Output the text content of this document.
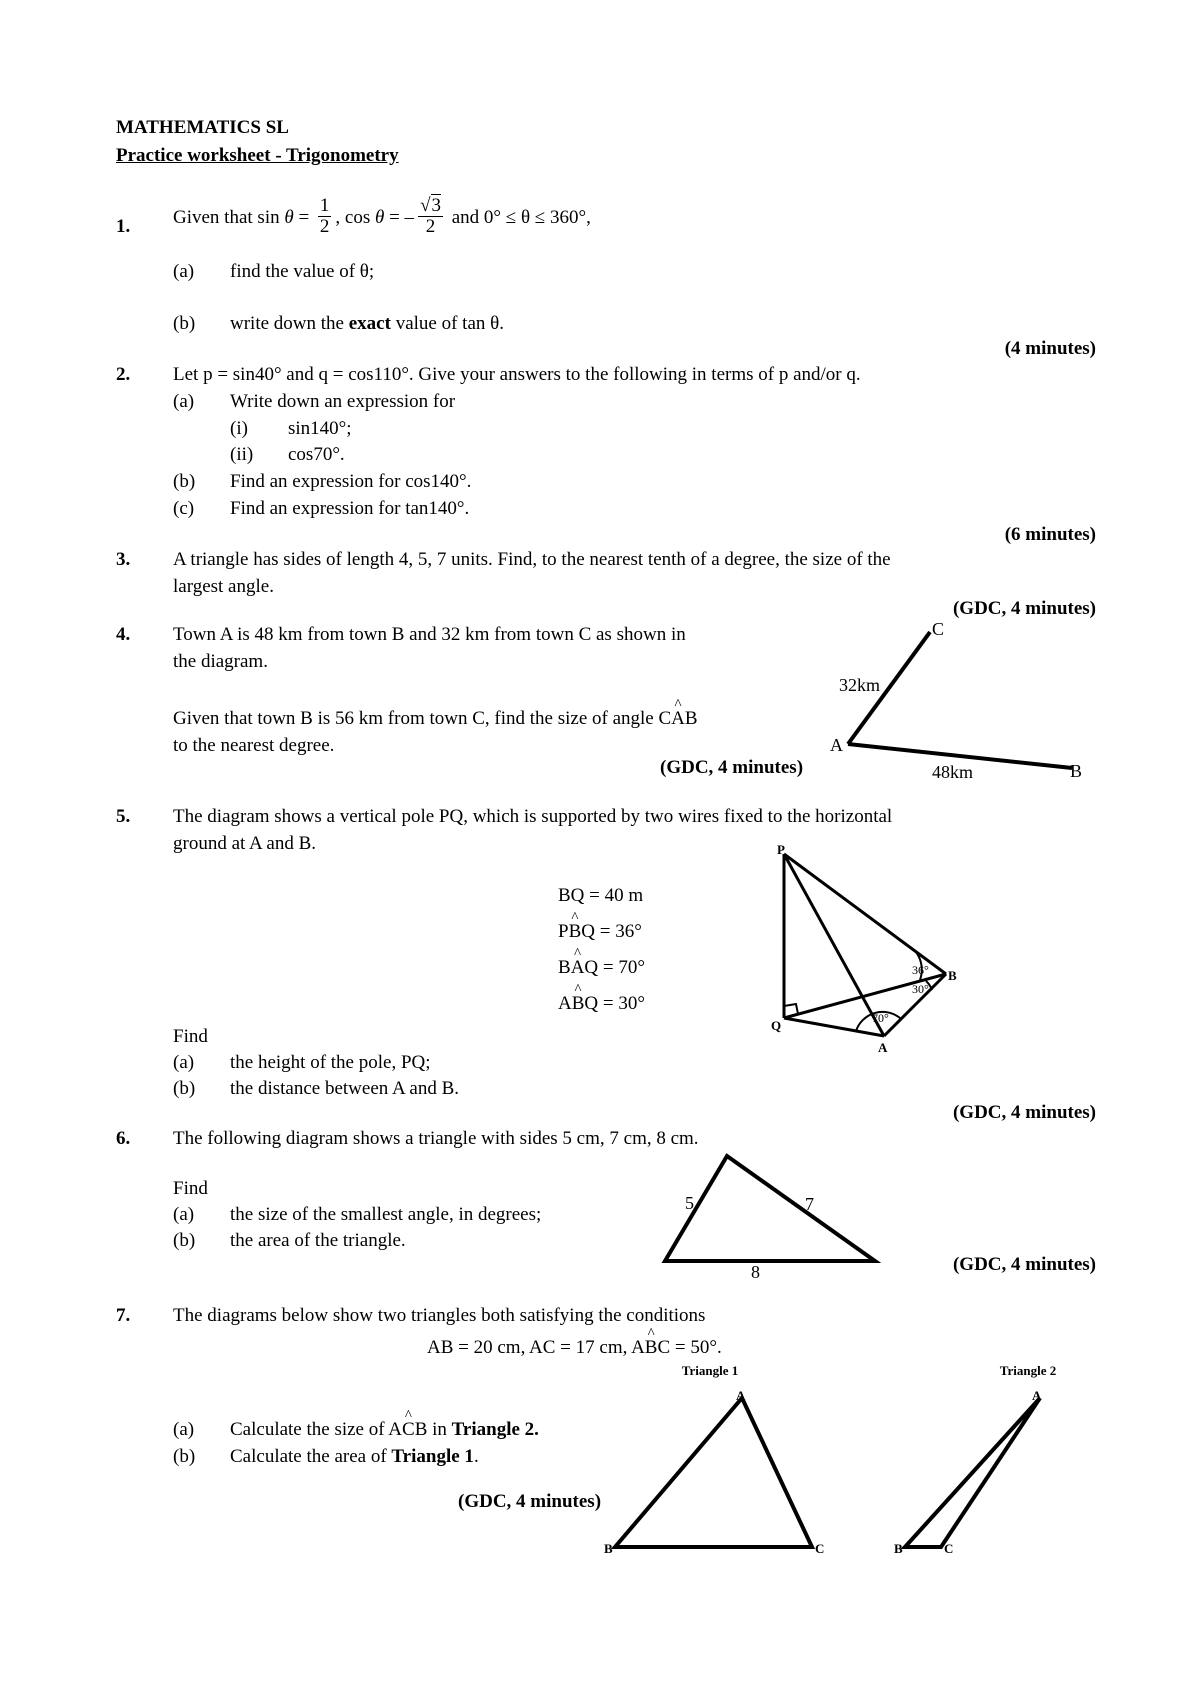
MATHEMATICS SL
Practice worksheet - Trigonometry
1. Given that $\sin \theta = \frac{1}{2}$ , cos θ = – $\frac{√3}{2}$ and 0° ≤ θ ≤ 360°,
(a) find the value of θ;
(b) write down the exact value of tan θ.
(4 minutes)
2. Let p = sin40° and q = cos110°. Give your answers to the following in terms of p and/or q.
(a) Write down an expression for
(i) sin140°;
(ii) cos70°.
(b) Find an expression for cos140°.
(c) Find an expression for tan140°.
(6 minutes)
3. A triangle has sides of length 4, 5, 7 units. Find, to the nearest tenth of a degree, the size of the
largest angle.
(GDC, 4 minutes)
4. Town A is 48 km from town B and 32 km from town C as shown in
the diagram.
Given that town B is 56 km from town C, find the size of angle C^ AB
to the nearest degree.
(GDC, 4 minutes)
C
A
B
32km
48km
5. The diagram shows a vertical pole PQ, which is supported by two wires fixed to the horizontal
ground at A and B.
BQ = 40 m
P^ BQ = 36°
B^ AQ = 70°
A^ BQ = 30°
Find
(a) the height of the pole, PQ;
(b) the distance between A and B.
(GDC, 4 minutes)
P
Q
A
B
36°
30°
70°
6. The following diagram shows a triangle with sides 5 cm, 7 cm, 8 cm.
Find
(a) the size of the smallest angle, in degrees;
(b) the area of the triangle.
(GDC, 4 minutes)
5	7
8
7. The diagrams below show two triangles both satisfying the conditions
AB = 20 cm, AC = 17 cm, A^ BC = 50°.
(a) Calculate the size of A^ CB in Triangle 2.
(b) Calculate the area of Triangle 1.
(GDC, 4 minutes)
Triangle 1
A
B	C
Triangle 2
A
B	C
